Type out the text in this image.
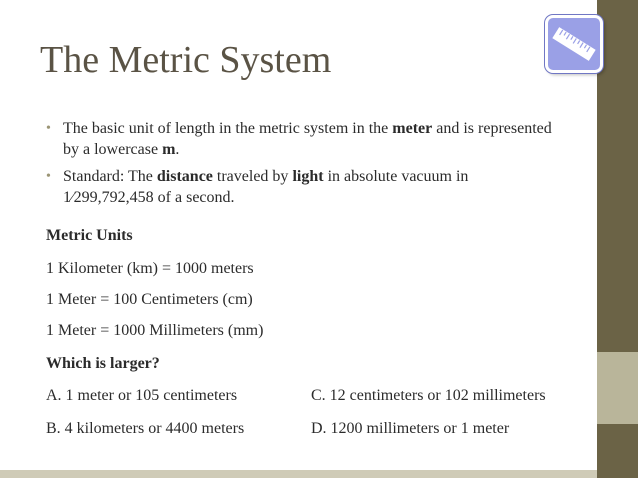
The Metric System
• The basic unit of length in the metric system in the meter and is represented by a lowercase m.
• Standard: The distance traveled by light in absolute vacuum in
1⁄299,792,458 of a second.

Metric Units

1 Kilometer (km) = 1000 meters

1 Meter = 100 Centimeters (cm)

1 Meter = 1000 Millimeters (mm)

Which is larger?

A. 1 meter or 105 centimeters

B. 4 kilometers or 4400 meters

C. 12 centimeters or 102 millimeters

D. 1200 millimeters or 1 meter
